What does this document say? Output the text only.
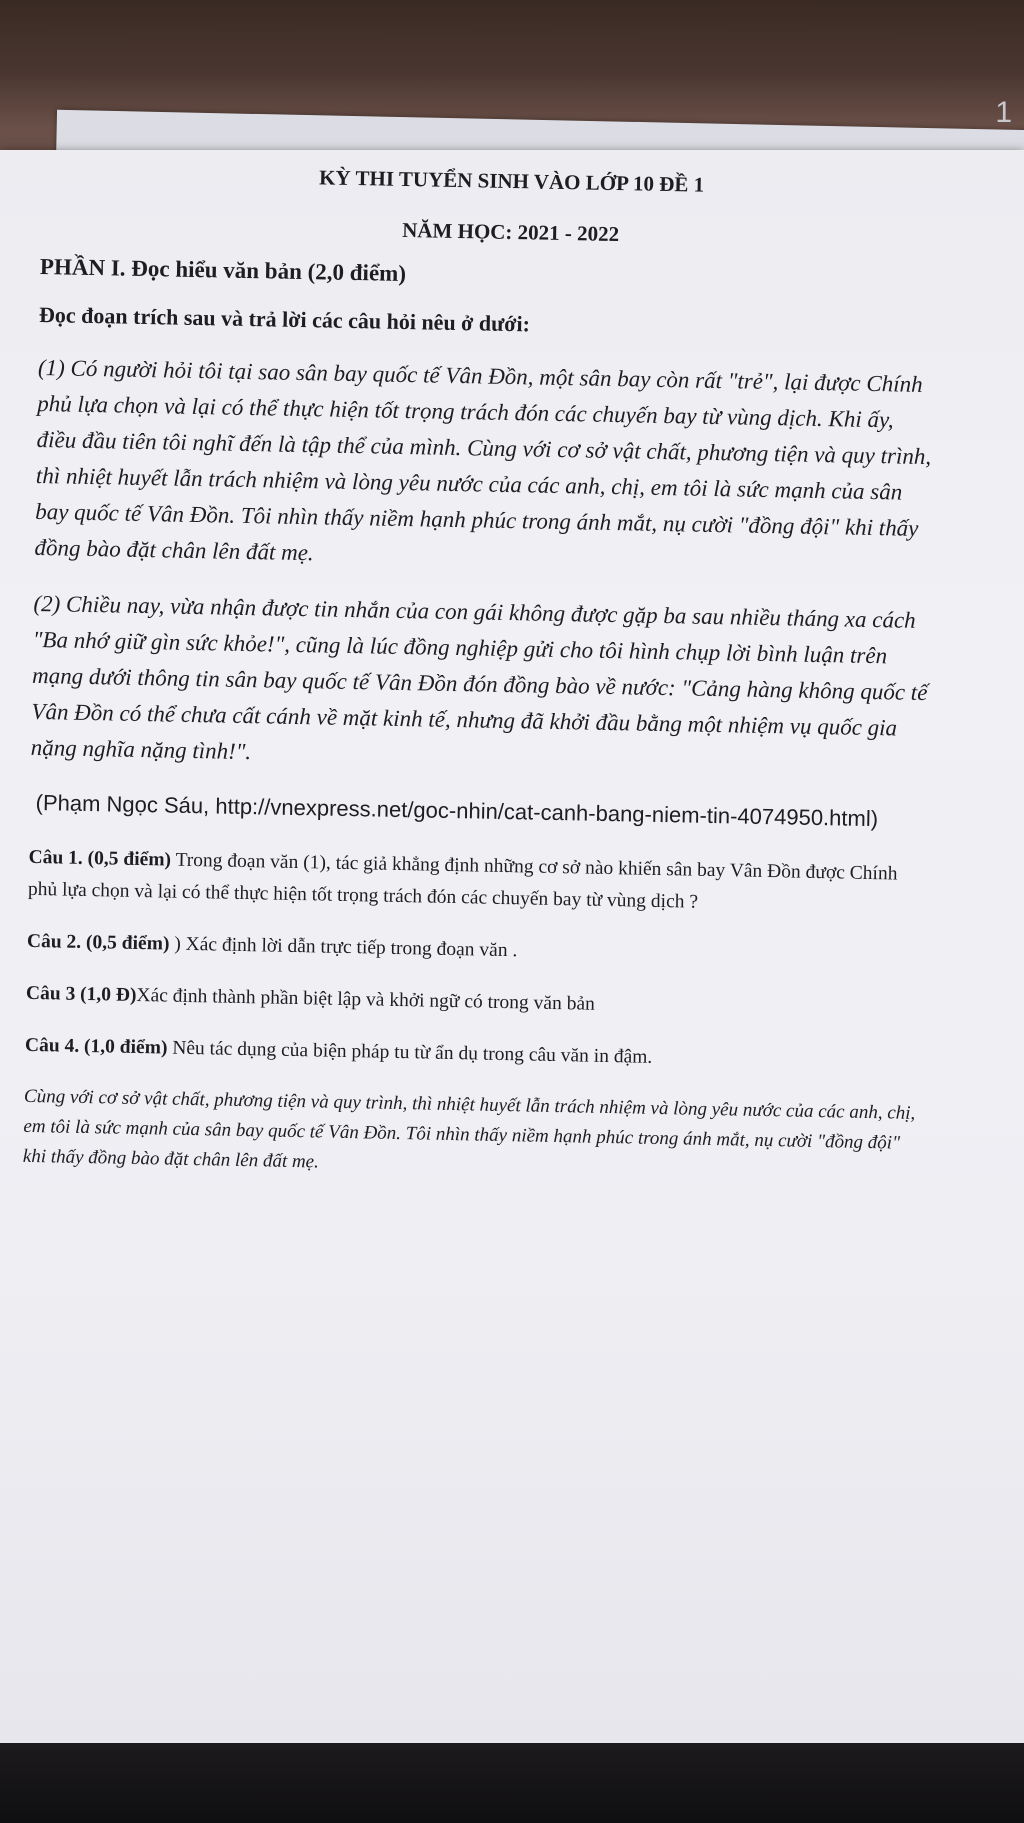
1
KỲ THI TUYỂN SINH VÀO LỚP 10 ĐỀ 1
NĂM HỌC: 2021 - 2022
PHẦN I. Đọc hiểu văn bản (2,0 điểm)
Đọc đoạn trích sau và trả lời các câu hỏi nêu ở dưới:

(1) Có người hỏi tôi tại sao sân bay quốc tế Vân Đồn, một sân bay còn rất "trẻ", lại được Chính phủ lựa chọn và lại có thể thực hiện tốt trọng trách đón các chuyến bay từ vùng dịch. Khi ấy, điều đầu tiên tôi nghĩ đến là tập thể của mình. Cùng với cơ sở vật chất, phương tiện và quy trình, thì nhiệt huyết lẫn trách nhiệm và lòng yêu nước của các anh, chị, em tôi là sức mạnh của sân bay quốc tế Vân Đồn. Tôi nhìn thấy niềm hạnh phúc trong ánh mắt, nụ cười "đồng đội" khi thấy đồng bào đặt chân lên đất mẹ.

(2) Chiều nay, vừa nhận được tin nhắn của con gái không được gặp ba sau nhiều tháng xa cách "Ba nhớ giữ gìn sức khỏe!", cũng là lúc đồng nghiệp gửi cho tôi hình chụp lời bình luận trên mạng dưới thông tin sân bay quốc tế Vân Đồn đón đồng bào về nước: "Cảng hàng không quốc tế Vân Đồn có thể chưa cất cánh về mặt kinh tế, nhưng đã khởi đầu bằng một nhiệm vụ quốc gia nặng nghĩa nặng tình!".

(Phạm Ngọc Sáu, http://vnexpress.net/goc-nhin/cat-canh-bang-niem-tin-4074950.html)
Câu 1. (0,5 điểm) Trong đoạn văn (1), tác giả khẳng định những cơ sở nào khiến sân bay Vân Đồn được Chính phủ lựa chọn và lại có thể thực hiện tốt trọng trách đón các chuyến bay từ vùng dịch ?
Câu 2. (0,5 điểm) ) Xác định lời dẫn trực tiếp trong đoạn văn .
Câu 3 (1,0 Đ)Xác định thành phần biệt lập và khởi ngữ có trong văn bản
Câu 4. (1,0 điểm) Nêu tác dụng của biện pháp tu từ ẩn dụ trong câu văn in đậm.

Cùng với cơ sở vật chất, phương tiện và quy trình, thì nhiệt huyết lẫn trách nhiệm và lòng yêu nước của các anh, chị, em tôi là sức mạnh của sân bay quốc tế Vân Đồn. Tôi nhìn thấy niềm hạnh phúc trong ánh mắt, nụ cười "đồng đội" khi thấy đồng bào đặt chân lên đất mẹ.
